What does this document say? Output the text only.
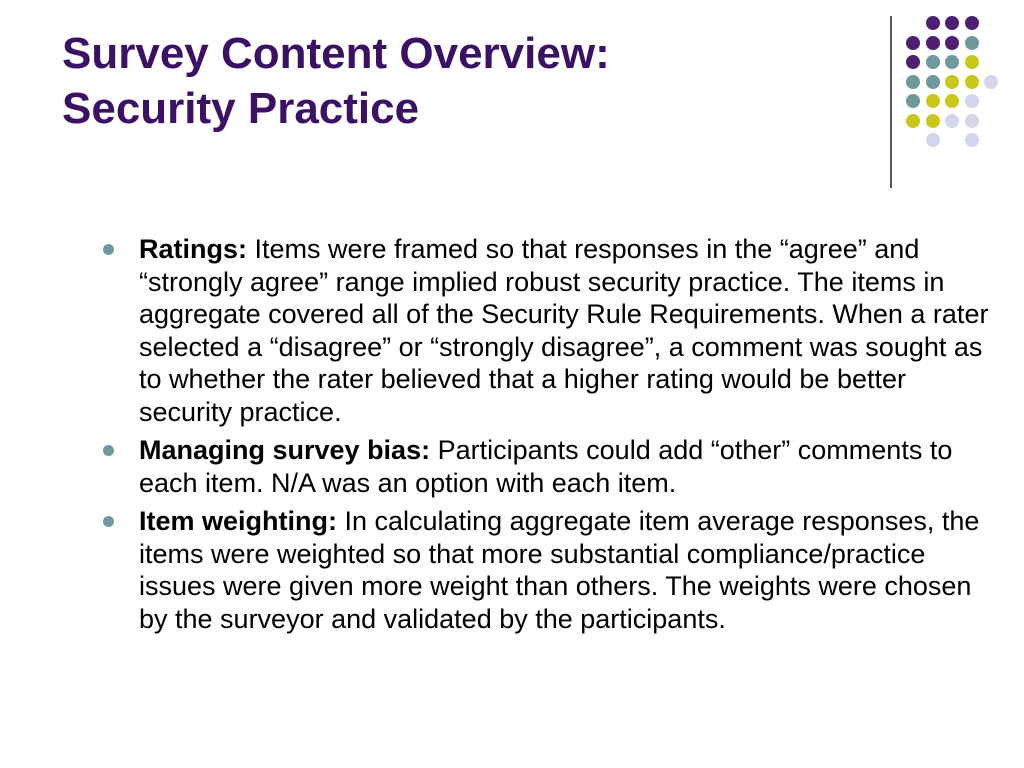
Survey Content Overview:
Security Practice
Ratings: Items were framed so that responses in the “agree” and “strongly agree” range implied robust security practice. The items in aggregate covered all of the Security Rule Requirements. When a rater selected a “disagree” or “strongly disagree”, a comment was sought as to whether the rater believed that a higher rating would be better security practice.
Managing survey bias: Participants could add “other” comments to each item. N/A was an option with each item.
Item weighting: In calculating aggregate item average responses, the items were weighted so that more substantial compliance/practice issues were given more weight than others. The weights were chosen by the surveyor and validated by the participants.
